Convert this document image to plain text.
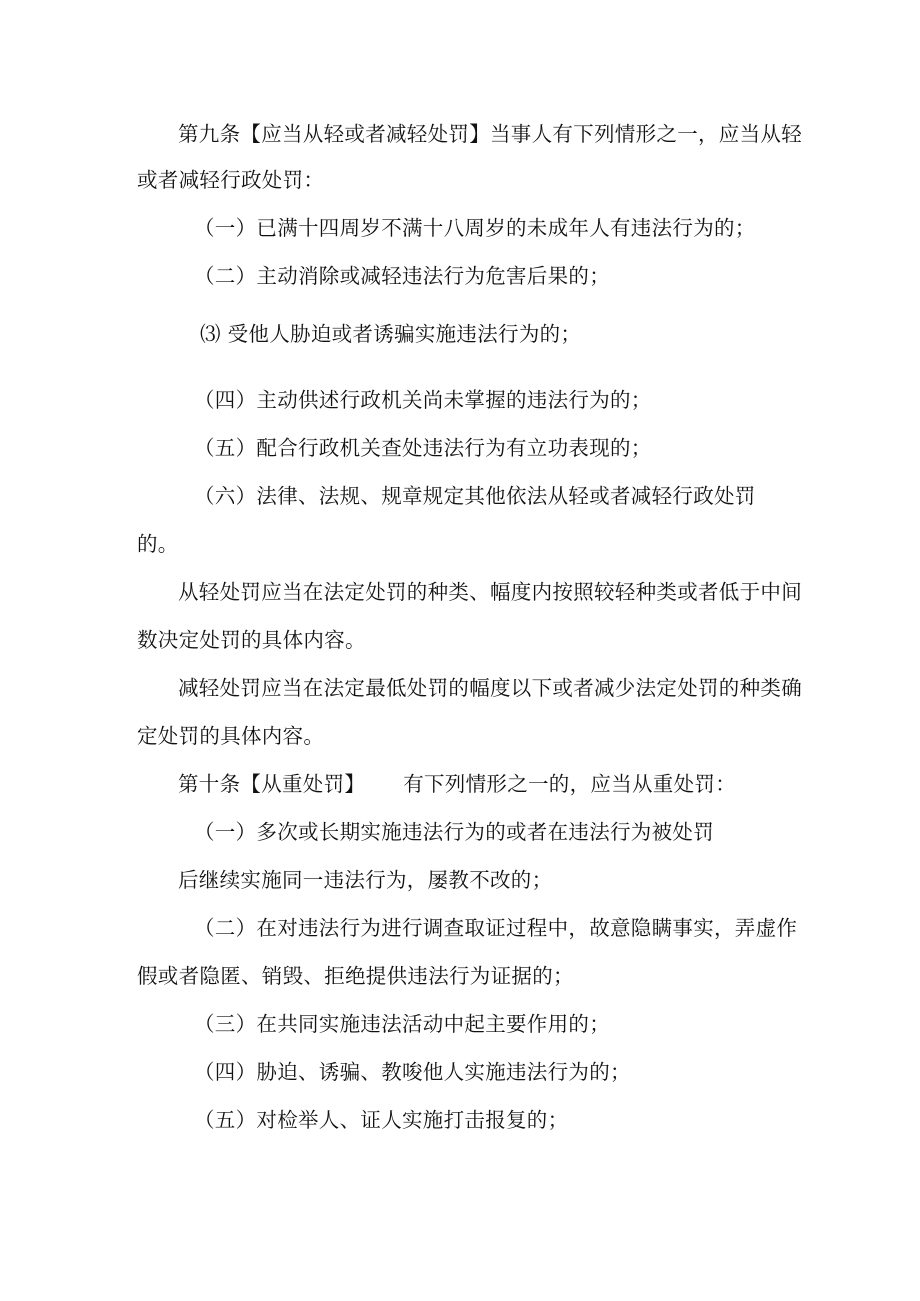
第九条【应当从轻或者减轻处罚】当事人有下列情形之一，应当从轻
或者减轻行政处罚：
（一）已满十四周岁不满十八周岁的未成年人有违法行为的；
（二）主动消除或减轻违法行为危害后果的；
⑶ 受他人胁迫或者诱骗实施违法行为的；
（四）主动供述行政机关尚未掌握的违法行为的；
（五）配合行政机关查处违法行为有立功表现的；
（六）法律、法规、规章规定其他依法从轻或者减轻行政处罚
的。
从轻处罚应当在法定处罚的种类、幅度内按照较轻种类或者低于中间
数决定处罚的具体内容。
减轻处罚应当在法定最低处罚的幅度以下或者减少法定处罚的种类确
定处罚的具体内容。
第十条【从重处罚】 有下列情形之一的，应当从重处罚：
（一）多次或长期实施违法行为的或者在违法行为被处罚
后继续实施同一违法行为，屡教不改的；
（二）在对违法行为进行调查取证过程中，故意隐瞒事实，弄虚作
假或者隐匿、销毁、拒绝提供违法行为证据的；
（三）在共同实施违法活动中起主要作用的；
（四）胁迫、诱骗、教唆他人实施违法行为的；
（五）对检举人、证人实施打击报复的；
